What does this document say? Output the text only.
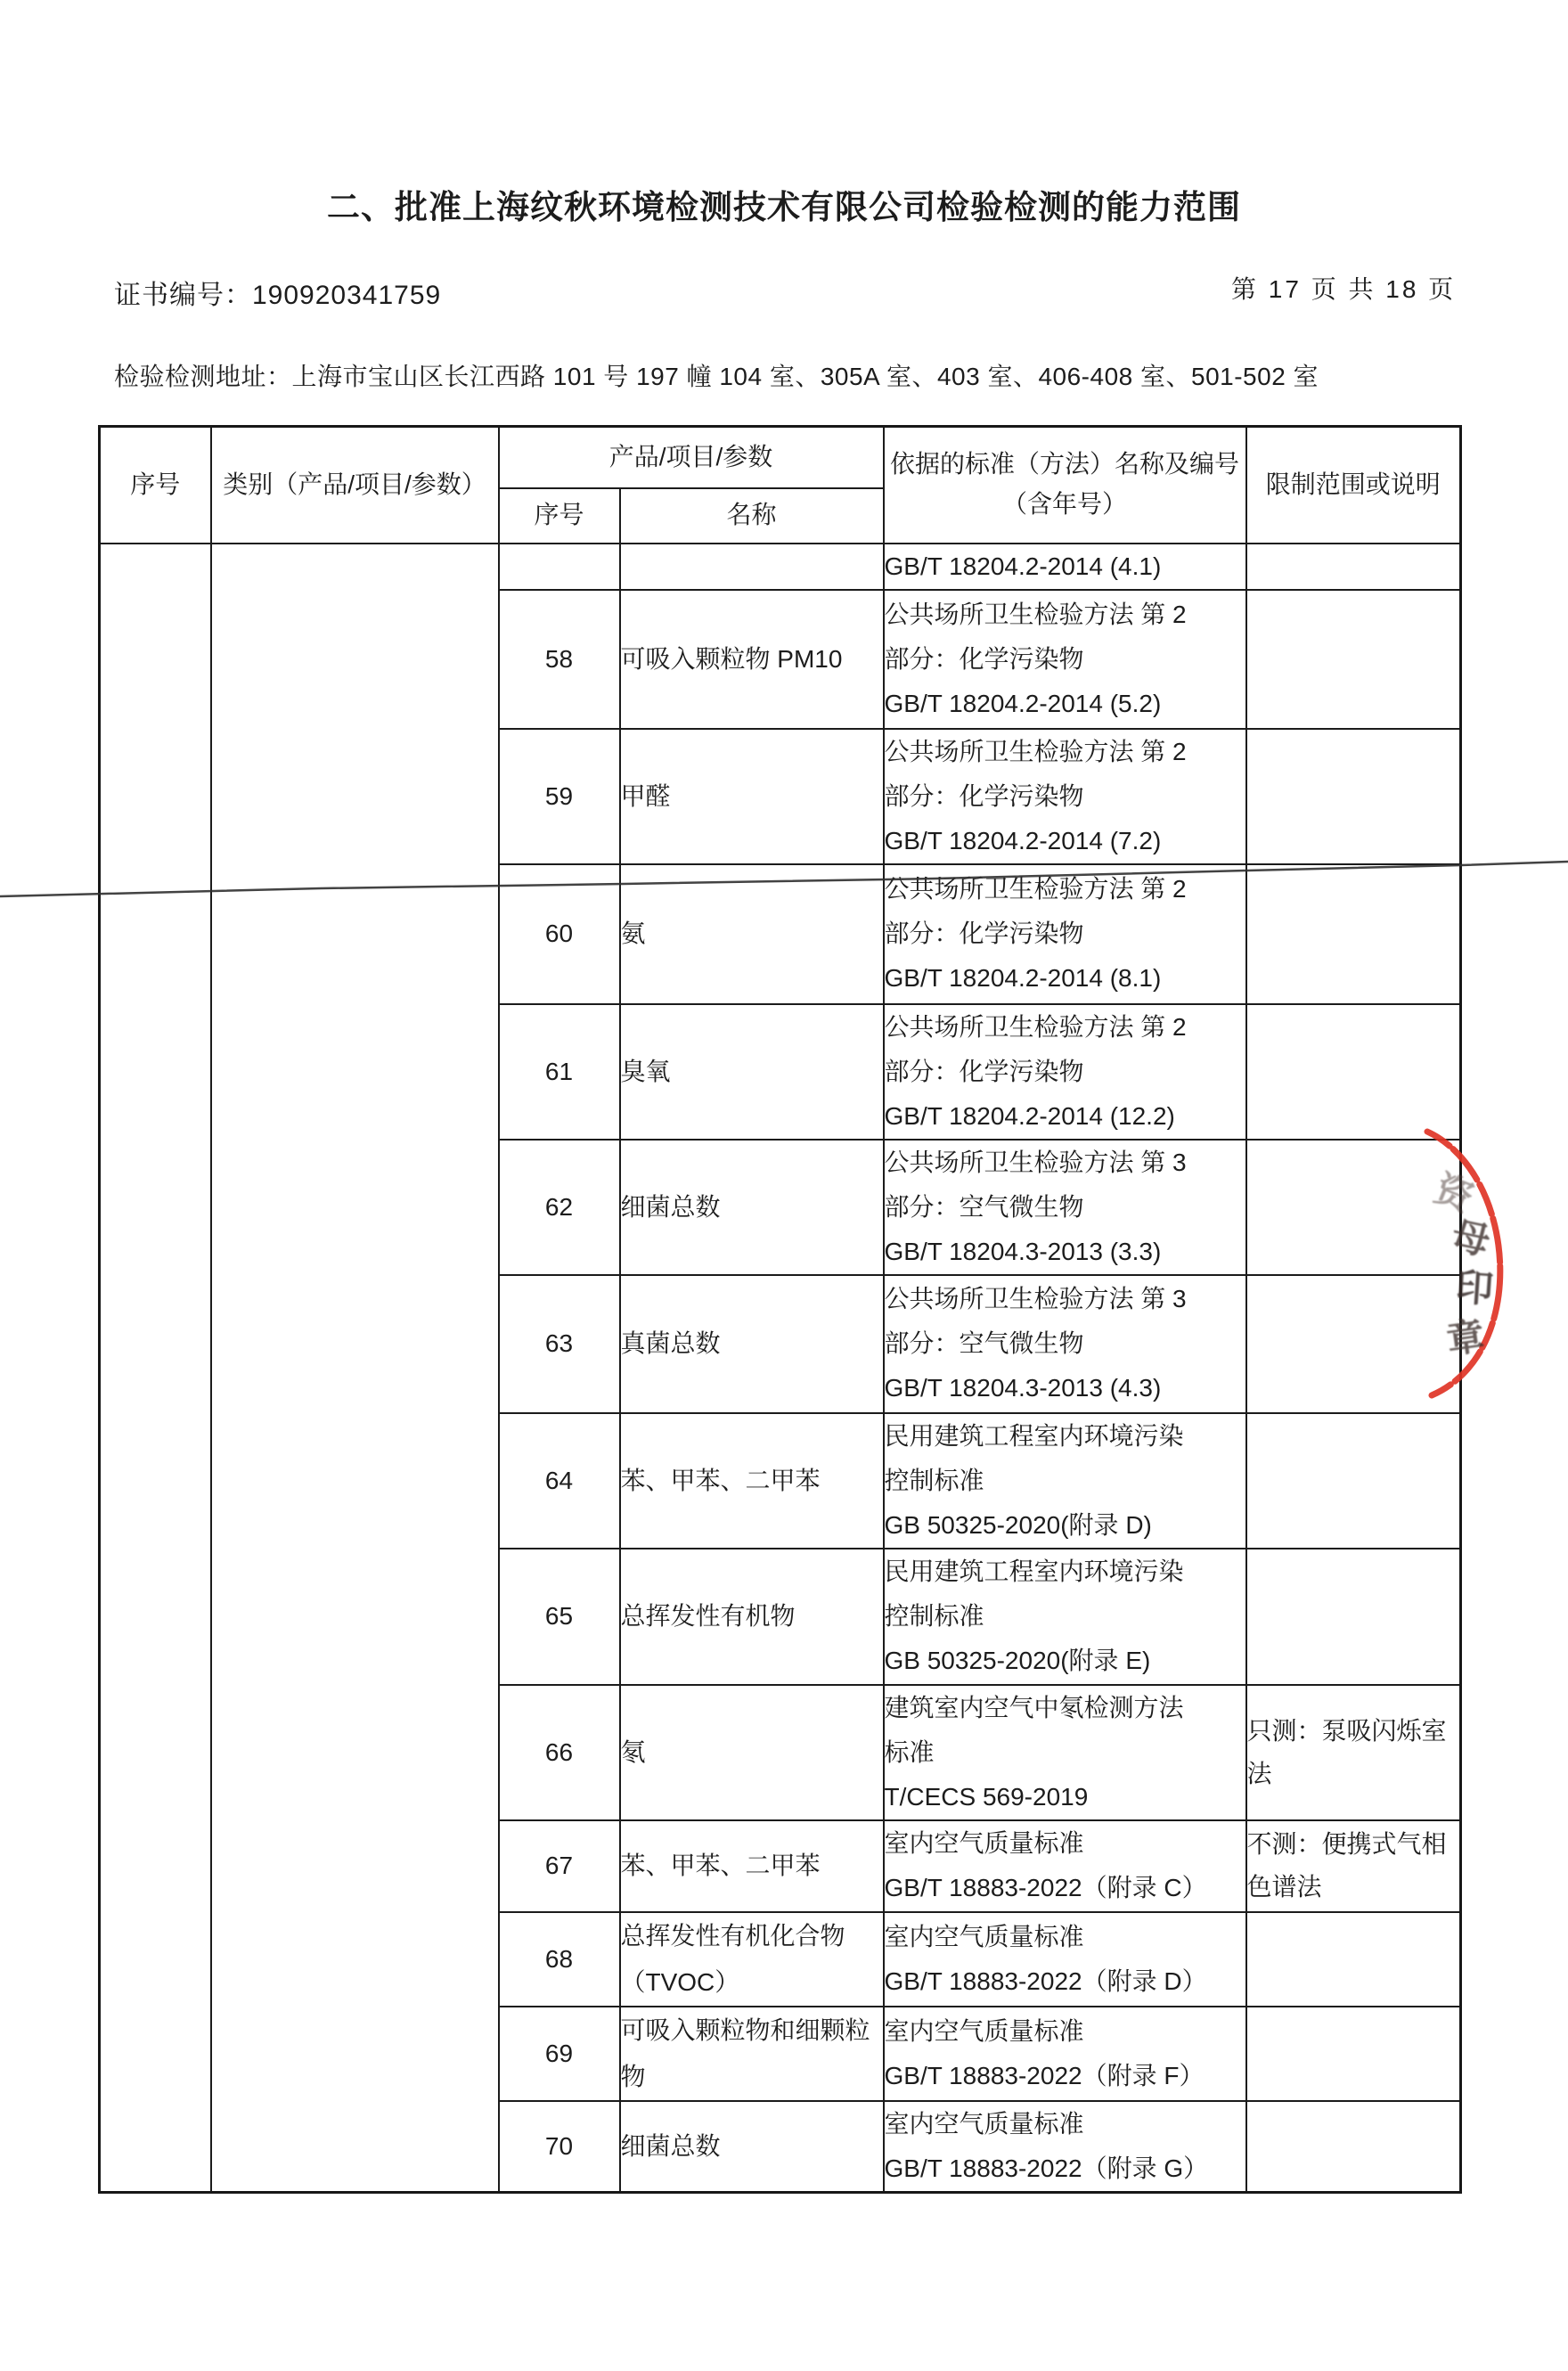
二、批准上海纹秋环境检测技术有限公司检验检测的能力范围
证书编号：190920341759	第 17 页 共 18 页
检验检测地址：上海市宝山区长江西路 101 号 197 幢 104 室、305A 室、403 室、406-408 室、501-502 室
序号	类别（产品/项目/参数）	产品/项目/参数		依据的标准（方法）名称及编号（含年号）	限制范围或说明
		序号	名称		

				GB/T 18204.2-2014 (4.1)	

		58	可吸入颗粒物 PM10	公共场所卫生检验方法 第 2
部分：化学污染物
GB/T 18204.2-2014 (5.2)	

		59	甲醛	公共场所卫生检验方法 第 2
部分：化学污染物
GB/T 18204.2-2014 (7.2)	

		60	氨	公共场所卫生检验方法 第 2
部分：化学污染物
GB/T 18204.2-2014 (8.1)	

		61	臭氧	公共场所卫生检验方法 第 2
部分：化学污染物
GB/T 18204.2-2014 (12.2)	

		62	细菌总数	公共场所卫生检验方法 第 3
部分：空气微生物
GB/T 18204.3-2013 (3.3)	

		63	真菌总数	公共场所卫生检验方法 第 3
部分：空气微生物
GB/T 18204.3-2013 (4.3)	

		64	苯、甲苯、二甲苯	民用建筑工程室内环境污染
控制标准
GB 50325-2020(附录 D)	

		65	总挥发性有机物	民用建筑工程室内环境污染
控制标准
GB 50325-2020(附录 E)	

		66	氡	建筑室内空气中氡检测方法
标准
T/CECS 569-2019	只测：泵吸闪烁室法

		67	苯、甲苯、二甲苯	室内空气质量标准
GB/T 18883-2022（附录 C）	不测：便携式气相色谱法

		68	总挥发性有机化合物（TVOC）	室内空气质量标准
GB/T 18883-2022（附录 D）	

		69	可吸入颗粒物和细颗粒物	室内空气质量标准
GB/T 18883-2022（附录 F）	

		70	细菌总数	室内空气质量标准
GB/T 18883-2022（附录 G）	

资
母
印
章
